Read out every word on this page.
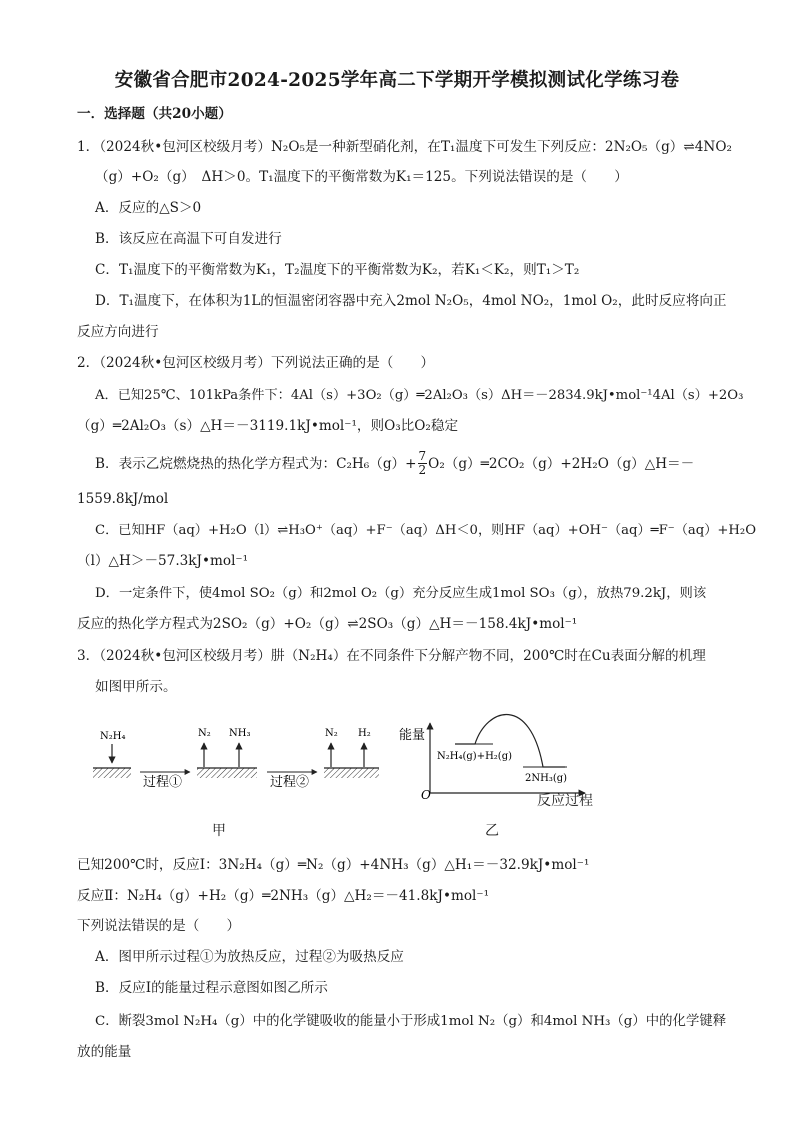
安徽省合肥市2024-2025学年高二下学期开学模拟测试化学练习卷
一．选择题（共20小题）
1．（2024秋•包河区校级月考）N₂O₅是一种新型硝化剂，在T₁温度下可发生下列反应：2N₂O₅（g）⇌4NO₂
（g）+O₂（g）　ΔH＞0。T₁温度下的平衡常数为K₁＝125。下列说法错误的是（　　）
A．反应的△S＞0
B．该反应在高温下可自发进行
C．T₁温度下的平衡常数为K₁，T₂温度下的平衡常数为K₂，若K₁＜K₂，则T₁＞T₂
D．T₁温度下，在体积为1L的恒温密闭容器中充入2mol N₂O₅，4mol NO₂，1mol O₂，此时反应将向正
反应方向进行
2．（2024秋•包河区校级月考）下列说法正确的是（　　）
A．已知25℃、101kPa条件下：4Al（s）+3O₂（g）═2Al₂O₃（s）ΔH＝－2834.9kJ•mol⁻¹4Al（s）+2O₃
（g）═2Al₂O₃（s）△H＝－3119.1kJ•mol⁻¹，则O₃比O₂稳定
B．表示乙烷燃烧热的热化学方程式为：$C_2H_6(g)+ \frac{7}{2}$ O₂（g）═2CO₂（g）+2H₂O（g）△H＝－
1559.8kJ/mol
C．已知HF（aq）+H₂O（l）⇌H₃O⁺（aq）+F⁻（aq）ΔH＜0，则HF（aq）+OH⁻（aq）═F⁻（aq）+H₂O
（l）△H＞－57.3kJ•mol⁻¹
D．一定条件下，使4mol SO₂（g）和2mol O₂（g）充分反应生成1mol SO₃（g），放热79.2kJ，则该
反应的热化学方程式为2SO₂（g）+O₂（g）⇌2SO₃（g）△H＝－158.4kJ•mol⁻¹
3．（2024秋•包河区校级月考）肼（N₂H₄）在不同条件下分解产物不同，200℃时在Cu表面分解的机理
如图甲所示。
N₂H₄
过程①
N₂ NH₃
过程②
N₂ H₂
甲
能量
O
N₂H₄(g)+H₂(g)
2NH₃(g)
反应过程
乙
已知200℃时，反应Ⅰ：3N₂H₄（g）═N₂（g）+4NH₃（g）△H₁＝－32.9kJ•mol⁻¹
反应Ⅱ：N₂H₄（g）+H₂（g）═2NH₃（g）△H₂＝－41.8kJ•mol⁻¹
下列说法错误的是（　　）
A．图甲所示过程①为放热反应，过程②为吸热反应
B．反应Ⅰ的能量过程示意图如图乙所示
C．断裂3mol N₂H₄（g）中的化学键吸收的能量小于形成1mol N₂（g）和4mol NH₃（g）中的化学键释
放的能量
